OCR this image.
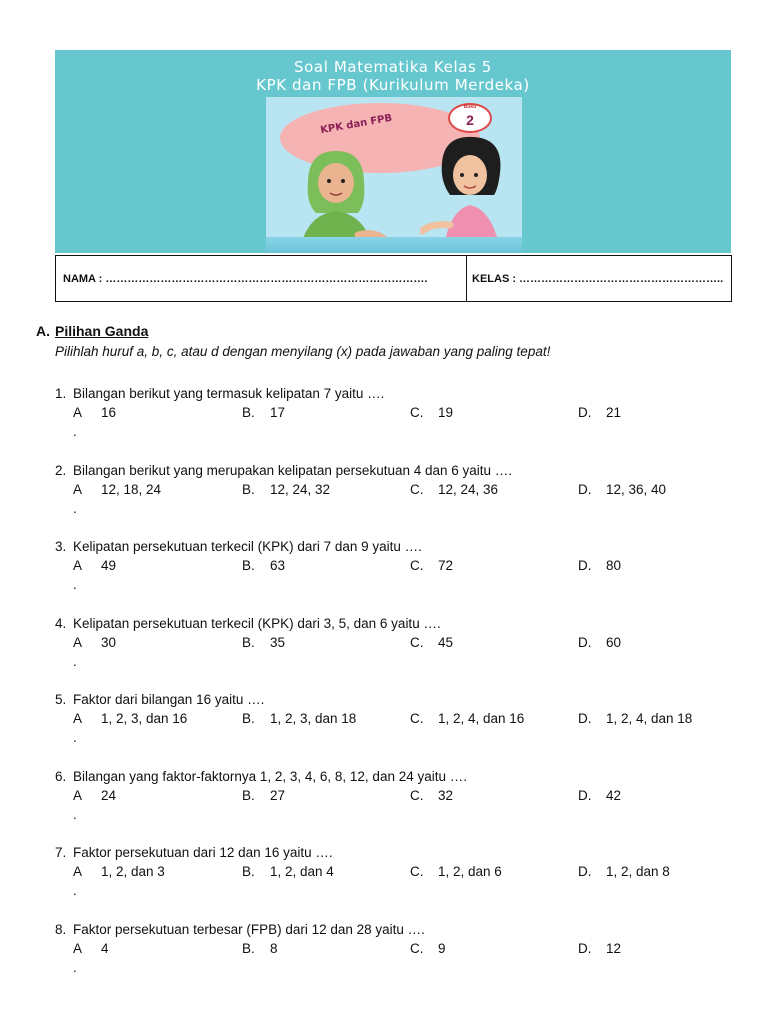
Soal Matematika Kelas 5
KPK dan FPB (Kurikulum Merdeka)
KPK dan FPB
Buku
2
NAMA : …………………………………………………………………………….	KELAS : ………………………………………………..
A. Pilihan Ganda
Pilihlah huruf a, b, c, atau d dengan menyilang (x) pada jawaban yang paling tepat!
1. Bilangan berikut yang termasuk kelipatan 7 yaitu ….
A 16	B. 17	C. 19	D. 21
.
2. Bilangan berikut yang merupakan kelipatan persekutuan 4 dan 6 yaitu ….
A 12, 18, 24	B. 12, 24, 32	C. 12, 24, 36	D. 12, 36, 40
.
3. Kelipatan persekutuan terkecil (KPK) dari 7 dan 9 yaitu ….
A 49	B. 63	C. 72	D. 80
.
4. Kelipatan persekutuan terkecil (KPK) dari 3, 5, dan 6 yaitu ….
A 30	B. 35	C. 45	D. 60
.
5. Faktor dari bilangan 16 yaitu ….
A 1, 2, 3, dan 16	B. 1, 2, 3, dan 18	C. 1, 2, 4, dan 16	D. 1, 2, 4, dan 18
.
6. Bilangan yang faktor-faktornya 1, 2, 3, 4, 6, 8, 12, dan 24 yaitu ….
A 24	B. 27	C. 32	D. 42
.
7. Faktor persekutuan dari 12 dan 16 yaitu ….
A 1, 2, dan 3	B. 1, 2, dan 4	C. 1, 2, dan 6	D. 1, 2, dan 8
.
8. Faktor persekutuan terbesar (FPB) dari 12 dan 28 yaitu ….
A 4	B. 8	C. 9	D. 12
.
